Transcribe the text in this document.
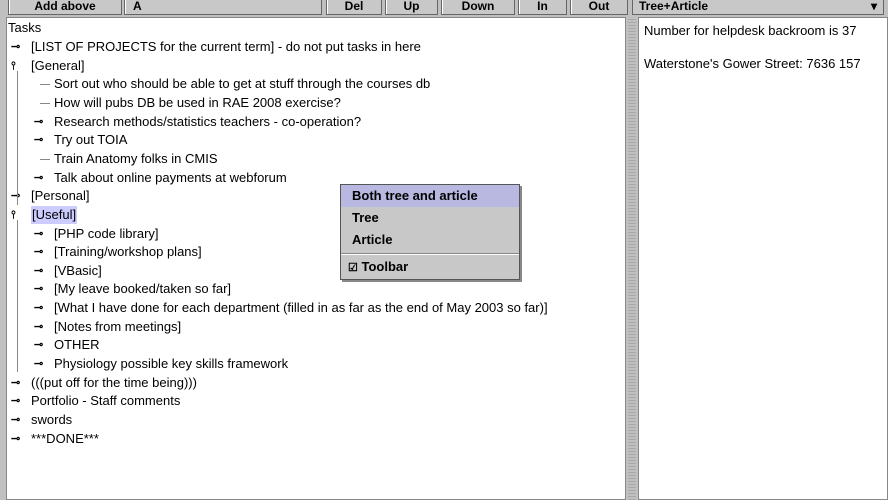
Add above	A	Del	Up	Down	In	Out	Tree+Article	▾
Tasks
⊸ [LIST OF PROJECTS for the current term] - do not put tasks in here
⫯	[General]
Sort out who should be able to get at stuff through the courses db
How will pubs DB be used in RAE 2008 exercise?
⊸ Research methods/statistics teachers - co-operation?
⊸ Try out TOIA
Train Anatomy folks in CMIS
⊸ Talk about online payments at webforum
⊸ [Personal]
⫯	[Useful]
⊸ [PHP code library]
⊸ [Training/workshop plans]
⊸ [VBasic]
⊸ [My leave booked/taken so far]
⊸ [What I have done for each department (filled in as far as the end of May 2003 so far)]
⊸ [Notes from meetings]
⊸ OTHER
⊸ Physiology possible key skills framework
⊸ (((put off for the time being)))
⊸ Portfolio - Staff comments
⊸ swords
⊸ ***DONE***

Number for helpdesk backroom is 37

Waterstone's Gower Street: 7636 157

Both tree and article
Tree
Article
☑ Toolbar
